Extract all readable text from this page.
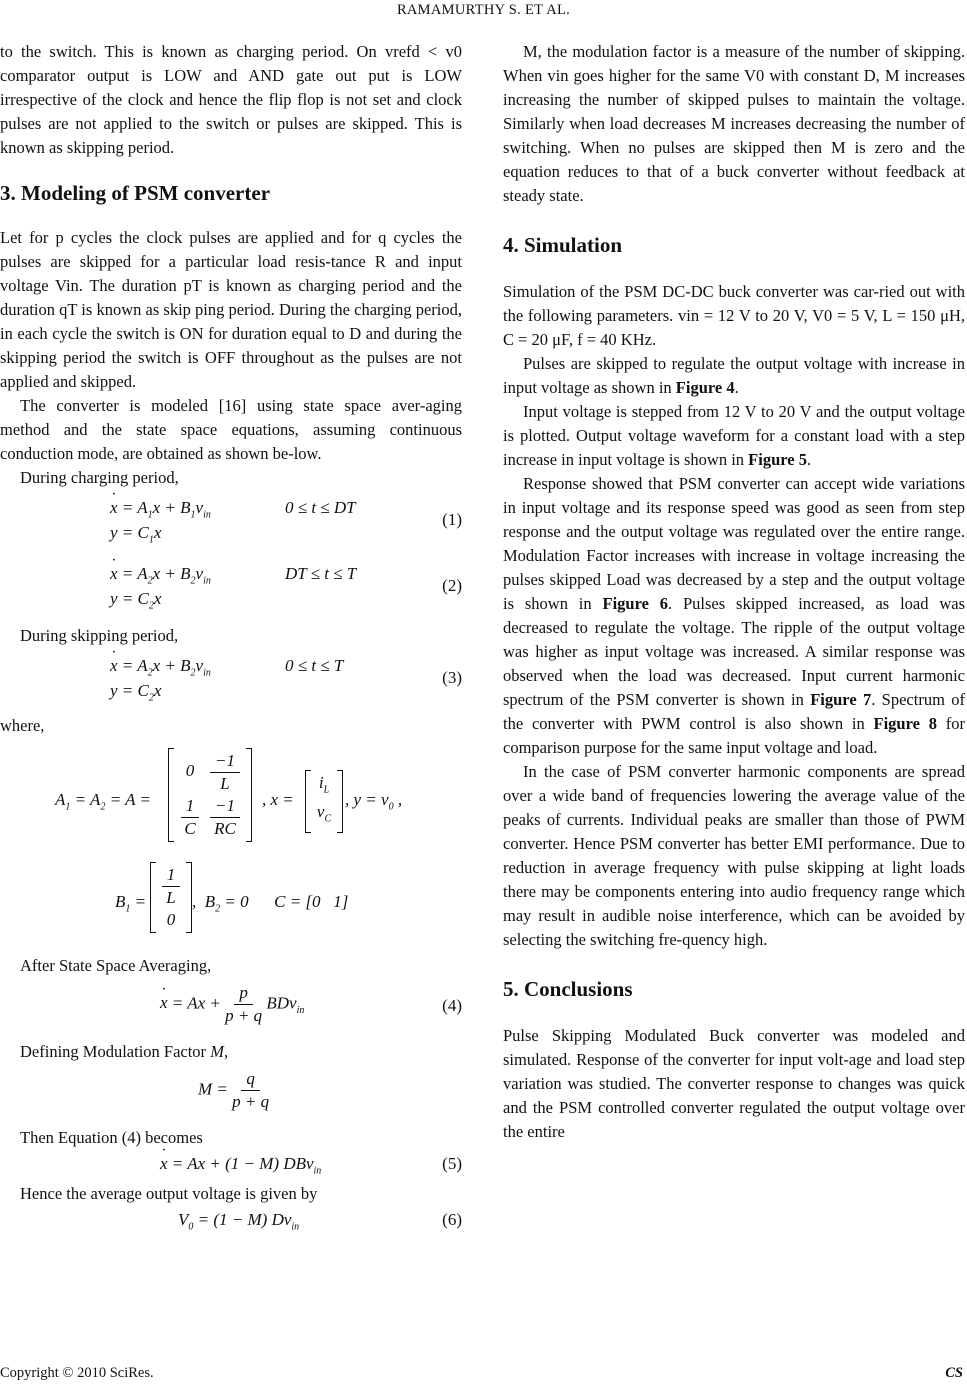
RAMAMURTHY S. ET AL.

to the switch. This is known as charging period. On vrefd < v0 comparator output is LOW and AND gate out put is LOW irrespective of the clock and hence the flip flop is not set and clock pulses are not applied to the switch or pulses are skipped. This is known as skipping period.

3. Modeling of PSM converter

Let for p cycles the clock pulses are applied and for q cycles the pulses are skipped for a particular load resis-tance R and input voltage Vin. The duration pT is known as charging period and the duration qT is known as skip ping period. During the charging period, in each cycle the switch is ON for duration equal to D and during the skipping period the switch is OFF throughout as the pulses are not applied and skipped.

The converter is modeled [16] using state space aver-aging method and the state space equations, assuming continuous conduction mode, are obtained as shown be-low.

During charging period,

˙ $x = A_1x + B_1v_{in}$	0 ≤ t ≤ DT
$y = C_1x$
(1)
˙ $x = A_2x + B_2v_{in}$	DT ≤ t ≤ T
$y = C_2x$
(2)

During skipping period,

˙ $x = A_2x + B_2v_{in}$	0 ≤ t ≤ T
$y = C_2x$
(3)

where,

$A_1 = A_2 = A$ =
$0 \frac{-1}{L}$
$\frac{1}{C} \frac{-1}{RC}$ , x =
$i_L$
$v_C$
, $y = v_0$ ,
$B_1 = \frac{1}{L}$
0
,  $B_2 = 0$      C = [0   1]

After State Space Averaging,

˙ $x = Ax + \frac{p}{p + q} BDv_{in}$	(4)

Defining Modulation Factor M,

$M = \frac{q}{p + q}$

Then Equation (4) becomes

˙ x = Ax + (1 − M) DBv$_{in}$	(5)

Hence the average output voltage is given by

$V_0 = (1 - M)$ $Dv_{in}$	(6)

M, the modulation factor is a measure of the number of skipping. When vin goes higher for the same V0 with constant D, M increases increasing the number of skipped pulses to maintain the voltage. Similarly when load decreases M increases decreasing the number of switching. When no pulses are skipped then M is zero and the equation reduces to that of a buck converter without feedback at steady state.

4. Simulation

Simulation of the PSM DC-DC buck converter was car-ried out with the following parameters. vin = 12 V to 20 V, V0 = 5 V, L = 150 μH, C = 20 μF, f = 40 KHz.

Pulses are skipped to regulate the output voltage with increase in input voltage as shown in Figure 4.

Input voltage is stepped from 12 V to 20 V and the output voltage is plotted. Output voltage waveform for a constant load with a step increase in input voltage is shown in Figure 5.

Response showed that PSM converter can accept wide variations in input voltage and its response speed was good as seen from step response and the output voltage was regulated over the entire range. Modulation Factor increases with increase in voltage increasing the pulses skipped Load was decreased by a step and the output voltage is shown in Figure 6. Pulses skipped increased, as load was decreased to regulate the voltage. The ripple of the output voltage was higher as input voltage was increased. A similar response was observed when the load was decreased. Input current harmonic spectrum of the PSM converter is shown in Figure 7. Spectrum of the converter with PWM control is also shown in Figure 8 for comparison purpose for the same input voltage and load.

In the case of PSM converter harmonic components are spread over a wide band of frequencies lowering the average value of the peaks of currents. Individual peaks are smaller than those of PWM converter. Hence PSM converter has better EMI performance. Due to reduction in average frequency with pulse skipping at light loads there may be components entering into audio frequency range which may result in audible noise interference, which can be avoided by selecting the switching fre-quency high.

5. Conclusions

Pulse Skipping Modulated Buck converter was modeled and simulated. Response of the converter for input volt-age and load step variation was studied. The converter response to changes was quick and the PSM controlled converter regulated the output voltage over the entire

Copyright © 2010 SciRes.	CS
